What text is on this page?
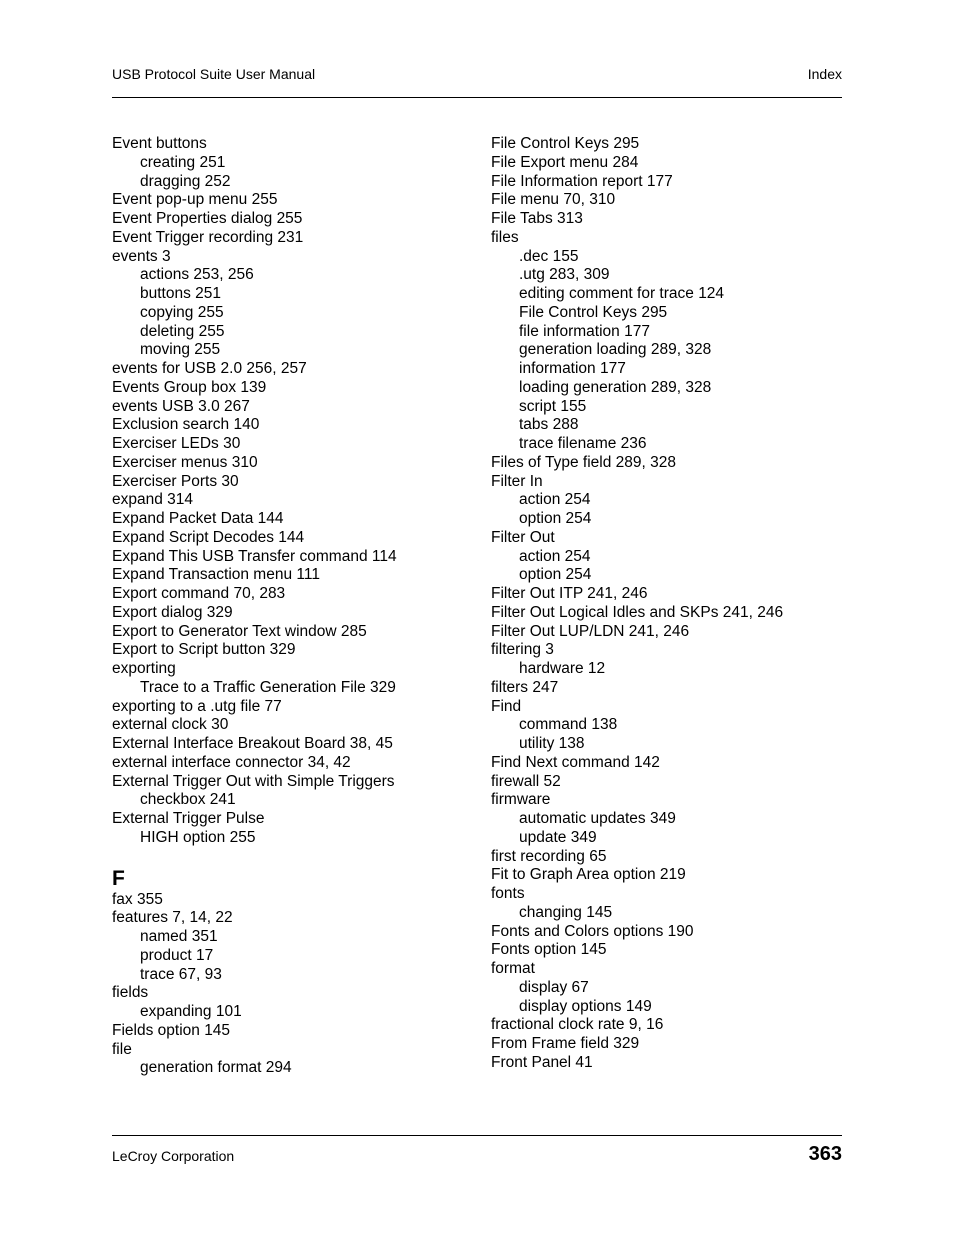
USB Protocol Suite User Manual	Index
Event buttons
creating 251
dragging 252
Event pop-up menu 255
Event Properties dialog 255
Event Trigger recording 231
events 3
actions 253, 256
buttons 251
copying 255
deleting 255
moving 255
events for USB 2.0 256, 257
Events Group box 139
events USB 3.0 267
Exclusion search 140
Exerciser LEDs 30
Exerciser menus 310
Exerciser Ports 30
expand 314
Expand Packet Data 144
Expand Script Decodes 144
Expand This USB Transfer command 114
Expand Transaction menu 111
Export command 70, 283
Export dialog 329
Export to Generator Text window 285
Export to Script button 329
exporting
Trace to a Traffic Generation File 329
exporting to a .utg file 77
external clock 30
External Interface Breakout Board 38, 45
external interface connector 34, 42
External Trigger Out with Simple Triggers
checkbox 241
External Trigger Pulse
HIGH option 255
F
fax 355
features 7, 14, 22
named 351
product 17
trace 67, 93
fields
expanding 101
Fields option 145
file
generation format 294
File Control Keys 295
File Export menu 284
File Information report 177
File menu 70, 310
File Tabs 313
files
.dec 155
.utg 283, 309
editing comment for trace 124
File Control Keys 295
file information 177
generation loading 289, 328
information 177
loading generation 289, 328
script 155
tabs 288
trace filename 236
Files of Type field 289, 328
Filter In
action 254
option 254
Filter Out
action 254
option 254
Filter Out ITP 241, 246
Filter Out Logical Idles and SKPs 241, 246
Filter Out LUP/LDN 241, 246
filtering 3
hardware 12
filters 247
Find
command 138
utility 138
Find Next command 142
firewall 52
firmware
automatic updates 349
update 349
first recording 65
Fit to Graph Area option 219
fonts
changing 145
Fonts and Colors options 190
Fonts option 145
format
display 67
display options 149
fractional clock rate 9, 16
From Frame field 329
Front Panel 41
LeCroy Corporation	363
